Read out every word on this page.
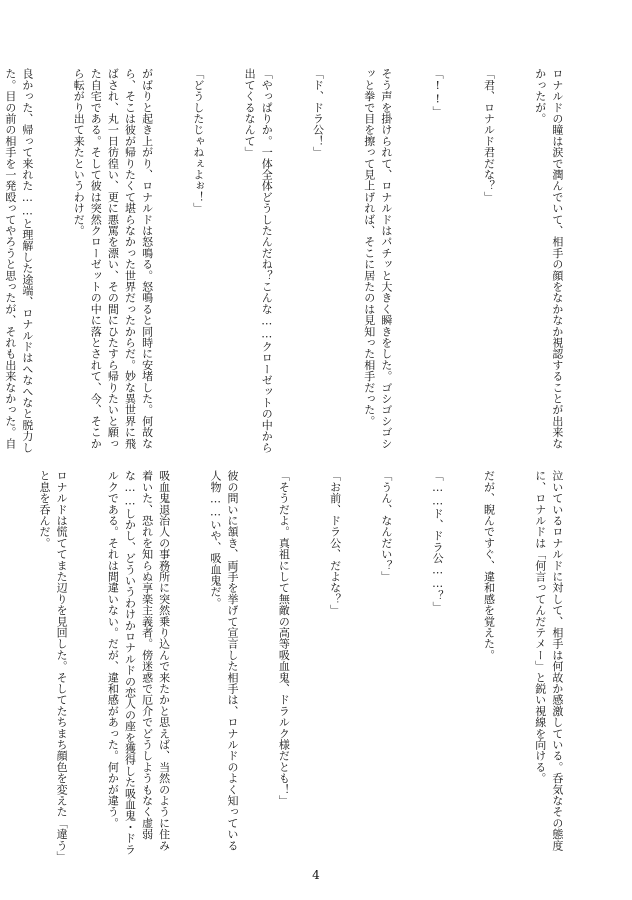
ロナルドの瞳は涙で潤んでいて、相手の顔をなかなか視認することが出来なかったが。

「君、ロナルド君だな？」

「!!」

そう声を掛けられて、ロナルドはパチッと大きく瞬きをした。ゴシゴシゴシッと拳で目を擦って見上げれば、そこに居たのは見知った相手だった。

「ド、ドラ公！」

「やっぱりか。一体全体どうしたんだね？こんな……クローゼットの中から出てくるなんて」

「どうしたじゃねぇよぉ！」

がばりと起き上がり、ロナルドは怒鳴る。怒鳴ると同時に安堵した。何故なら、そこは彼が帰りたくて堪らなかった世界だったからだ。妙な異世界に飛ばされ、丸一日彷徨い、更に悪罵を漂い、その間にひたすら帰りたいと願った自宅である。そして彼は突然クローゼットの中に落とされて、今、そこから転がり出て来たというわけだ。

良かった、帰って来れた……と理解した途端、ロナルドはへなへなと脱力した。目の前の相手を一発殴ってやろうと思ったが、それも出来なかった。自

泣いているロナルドに対して、相手は何故か感激している。呑気なその態度に、ロナルドは「何言ってんだテメー」と鋭い視線を向ける。

だが、睨んですぐ、違和感を覚えた。

「……ド、ドラ公……？」

「うん、なんだい？」

「お前、ドラ公、だよな？」

「そうだよ。真祖にして無敵の高等吸血鬼、ドラルク様だとも！」

彼の問いに頷き、両手を挙げて宣言した相手は、ロナルドのよく知っている人物……いや、吸血鬼だ。

吸血鬼退治人の事務所に突然乗り込んで来たかと思えば、当然のように住み着いた、恐れを知らぬ享楽主義者。傍迷惑で厄介でどうしようもなく虚弱な……しかし、どういうわけかロナルドの恋人の座を獲得した吸血鬼・ドラルクである。それは間違いない。だが、違和感があった。何かが違う。

ロナルドは慌ててまた辺りを見回した。そしてたちまち顔色を変えた「違う」と息を呑んだ。

4
